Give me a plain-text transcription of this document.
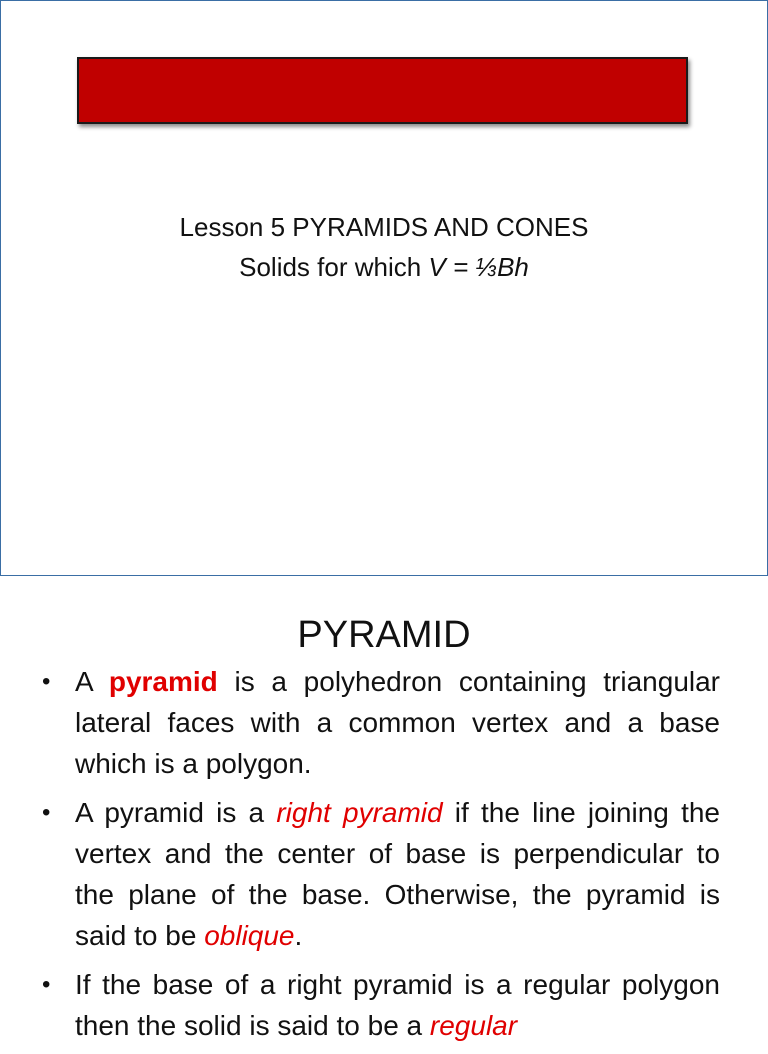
Lesson 5 PYRAMIDS AND CONES
Solids for which V = ⅓Bh
PYRAMID
• A pyramid is a polyhedron containing triangular lateral faces with a common vertex and a base which is a polygon.
• A pyramid is a right pyramid if the line joining the vertex and the center of base is perpendicular to the plane of the base. Otherwise, the pyramid is said to be oblique.
• If the base of a right pyramid is a regular polygon then the solid is said to be a regular
